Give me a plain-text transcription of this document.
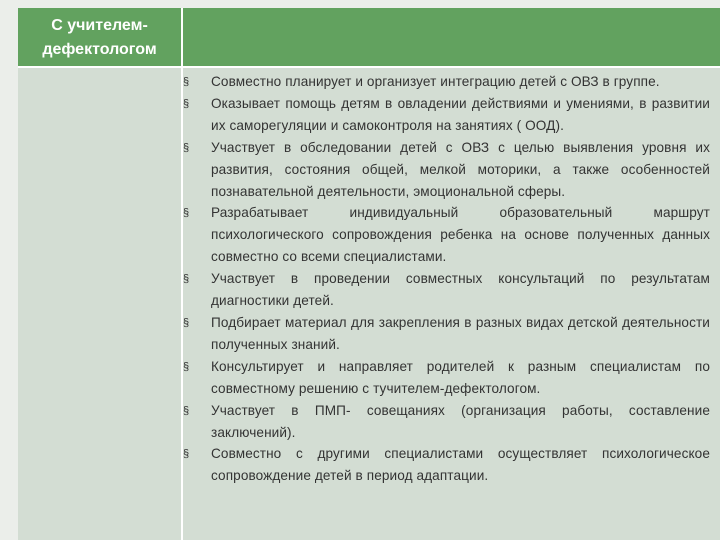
С учителем-
дефектологом
§ Совместно планирует и организует интеграцию детей с ОВЗ в группе.
§ Оказывает помощь детям в овладении действиями и умениями, в развитии их саморегуляции и самоконтроля на занятиях ( ООД).
§ Участвует в обследовании детей с ОВЗ с целью выявления уровня их развития, состояния общей, мелкой моторики, а также особенностей познавательной деятельности, эмоциональной сферы.
§ Разрабатывает индивидуальный образовательный маршрут психологического сопровождения ребенка на основе полученных данных совместно со всеми специалистами.
§ Участвует в проведении совместных консультаций по результатам диагностики детей.
§ Подбирает материал для закрепления в разных видах детской деятельности полученных знаний.
§ Консультирует и направляет родителей к разным специалистам по совместному решению с тучителем-дефектологом.
§ Участвует в ПМП- совещаниях (организация работы, составление заключений).
§ Совместно с другими специалистами осуществляет психологическое сопровождение детей в период адаптации.
